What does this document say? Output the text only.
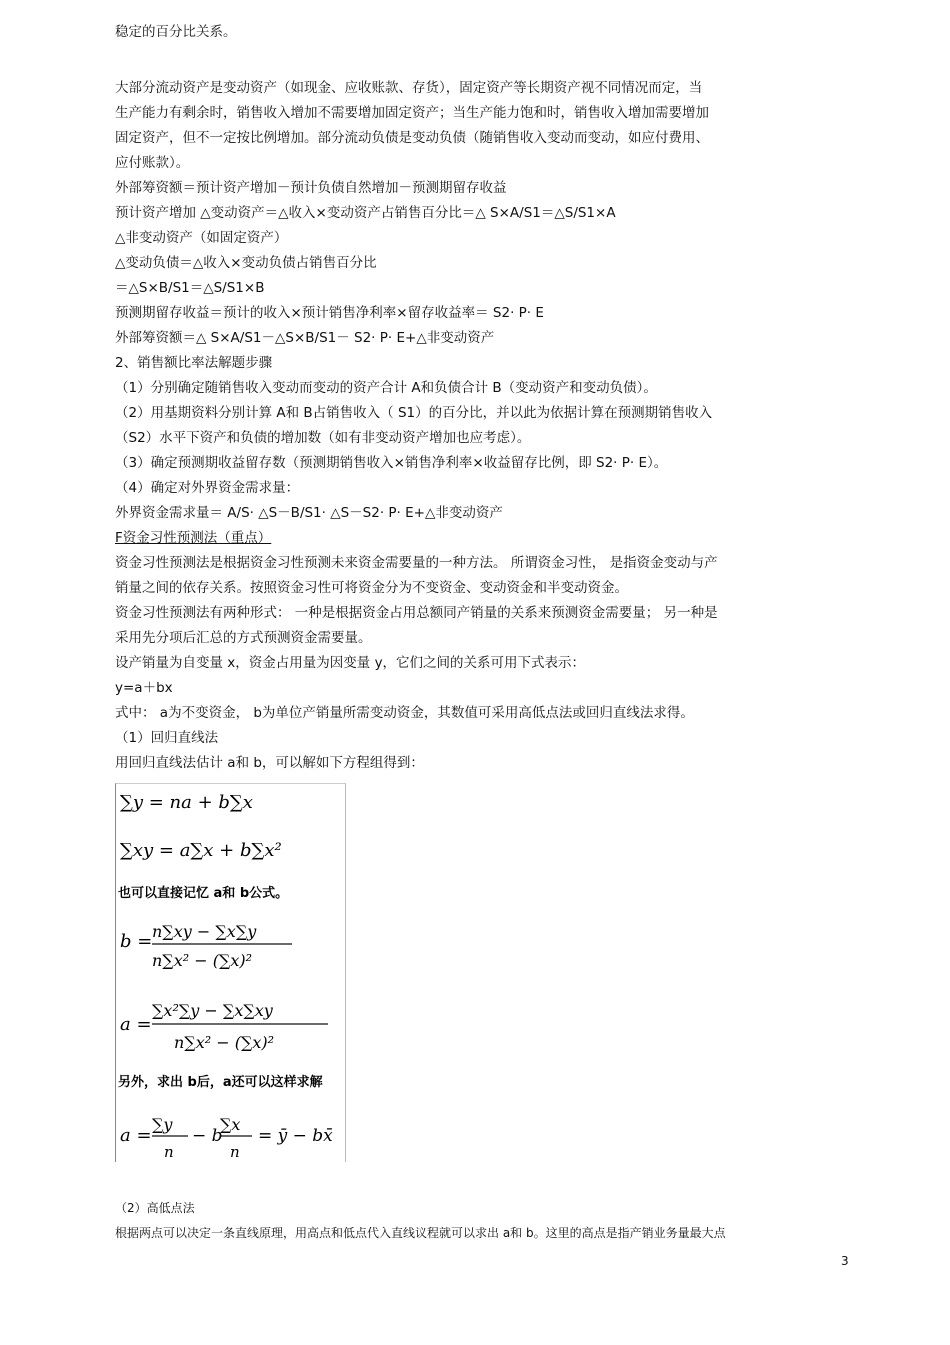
稳定的百分比关系。
大部分流动资产是变动资产（如现金、应收账款、存货），固定资产等长期资产视不同情况而定，当
生产能力有剩余时，销售收入增加不需要增加固定资产；当生产能力饱和时，销售收入增加需要增加
固定资产，但不一定按比例增加。部分流动负债是变动负债（随销售收入变动而变动，如应付费用、
应付账款）。
外部筹资额＝预计资产增加－预计负债自然增加－预测期留存收益
预计资产增加 △变动资产＝△收入×变动资产占销售百分比＝△ S×A/S1＝△S/S1×A
△非变动资产（如固定资产）
△变动负债＝△收入×变动负债占销售百分比
＝△S×B/S1＝△S/S1×B
预测期留存收益＝预计的收入×预计销售净利率×留存收益率＝ S2· P· E
外部筹资额＝△ S×A/S1－△S×B/S1－ S2· P· E+△非变动资产
2、销售额比率法解题步骤
（1）分别确定随销售收入变动而变动的资产合计 A和负债合计 B（变动资产和变动负债）。
（2）用基期资料分别计算 A和 B占销售收入（ S1）的百分比，并以此为依据计算在预测期销售收入
（S2）水平下资产和负债的增加数（如有非变动资产增加也应考虑）。
（3）确定预测期收益留存数（预测期销售收入×销售净利率×收益留存比例，即 S2· P· E）。
（4）确定对外界资金需求量：
外界资金需求量＝ A/S· △S－B/S1· △S－S2· P· E+△非变动资产
F资金习性预测法（重点）
资金习性预测法是根据资金习性预测未来资金需要量的一种方法。 所谓资金习性， 是指资金变动与产
销量之间的依存关系。按照资金习性可将资金分为不变资金、变动资金和半变动资金。
资金习性预测法有两种形式： 一种是根据资金占用总额同产销量的关系来预测资金需要量； 另一种是
采用先分项后汇总的方式预测资金需要量。
设产销量为自变量 x，资金占用量为因变量 y，它们之间的关系可用下式表示：
y=a＋bx
式中： a为不变资金， b为单位产销量所需变动资金，其数值可采用高低点法或回归直线法求得。
（1）回归直线法
用回归直线法估计 a和 b，可以解如下方程组得到：
∑y = na + b∑x
∑xy = a∑x + b∑x²
也可以直接记忆 a和 b公式。
b = n∑xy − ∑x∑y
n∑x² − (∑x)²
a =
∑x²∑y − ∑x∑xy
n∑x² − (∑x)²
另外，求出 b后，a还可以这样求解
a =
∑y
n
− b
∑x
n
= ȳ − bx̄
（2）高低点法
根据两点可以决定一条直线原理，用高点和低点代入直线议程就可以求出 a和 b。这里的高点是指产销业务量最大点
3
